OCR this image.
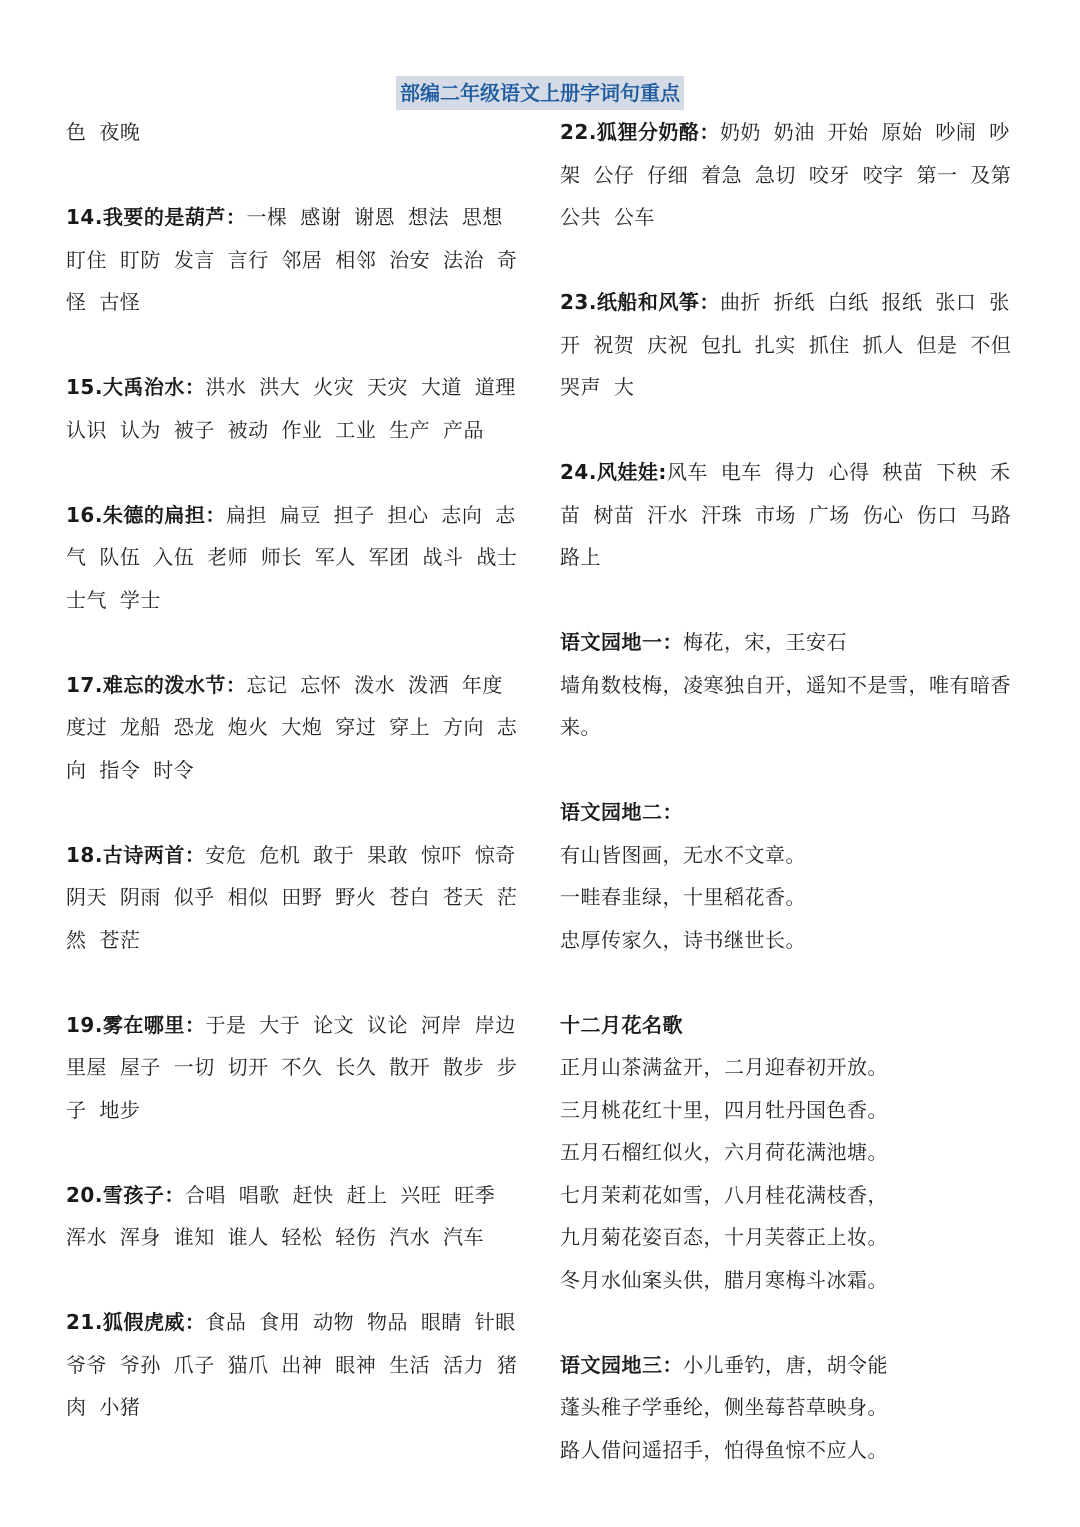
部编二年级语文上册字词句重点
色 夜晚
14.我要的是葫芦：一棵 感谢 谢恩 想法 思想 盯住 盯防 发言 言行 邻居 相邻 治安 法治 奇怪 古怪
15.大禹治水：洪水 洪大 火灾 天灾 大道 道理 认识 认为 被子 被动 作业 工业 生产 产品
16.朱德的扁担：扁担 扁豆 担子 担心 志向 志气 队伍 入伍 老师 师长 军人 军团 战斗 战士 士气 学士
17.难忘的泼水节：忘记 忘怀 泼水 泼洒 年度 度过 龙船 恐龙 炮火 大炮 穿过 穿上 方向 志向 指令 时令
18.古诗两首：安危 危机 敢于 果敢 惊吓 惊奇 阴天 阴雨 似乎 相似 田野 野火 苍白 苍天 茫然 苍茫
19.雾在哪里：于是 大于 论文 议论 河岸 岸边 里屋 屋子 一切 切开 不久 长久 散开 散步 步子 地步
20.雪孩子：合唱 唱歌 赶快 赶上 兴旺 旺季 浑水 浑身 谁知 谁人 轻松 轻伤 汽水 汽车
21.狐假虎威：食品 食用 动物 物品 眼睛 针眼 爷爷 爷孙 爪子 猫爪 出神 眼神 生活 活力 猪肉 小猪
22.狐狸分奶酪：奶奶 奶油 开始 原始 吵闹 吵架 公仔 仔细 着急 急切 咬牙 咬字 第一 及第 公共 公车
23.纸船和风筝：曲折 折纸 白纸 报纸 张口 张开 祝贺 庆祝 包扎 扎实 抓住 抓人 但是 不但 哭声 大
24.风娃娃:风车 电车 得力 心得 秧苗 下秧 禾苗 树苗 汗水 汗珠 市场 广场 伤心 伤口 马路 路上
语文园地一：梅花，宋，王安石
墙角数枝梅，凌寒独自开，遥知不是雪，唯有暗香来。
语文园地二：
有山皆图画，无水不文章。
一畦春韭绿，十里稻花香。
忠厚传家久，诗书继世长。
十二月花名歌
正月山茶满盆开，二月迎春初开放。
三月桃花红十里，四月牡丹国色香。
五月石榴红似火，六月荷花满池塘。
七月茉莉花如雪，八月桂花满枝香，
九月菊花姿百态，十月芙蓉正上妆。
冬月水仙案头供，腊月寒梅斗冰霜。
语文园地三：小儿垂钓，唐，胡令能
蓬头稚子学垂纶，侧坐莓苔草映身。
路人借问遥招手，怕得鱼惊不应人。
